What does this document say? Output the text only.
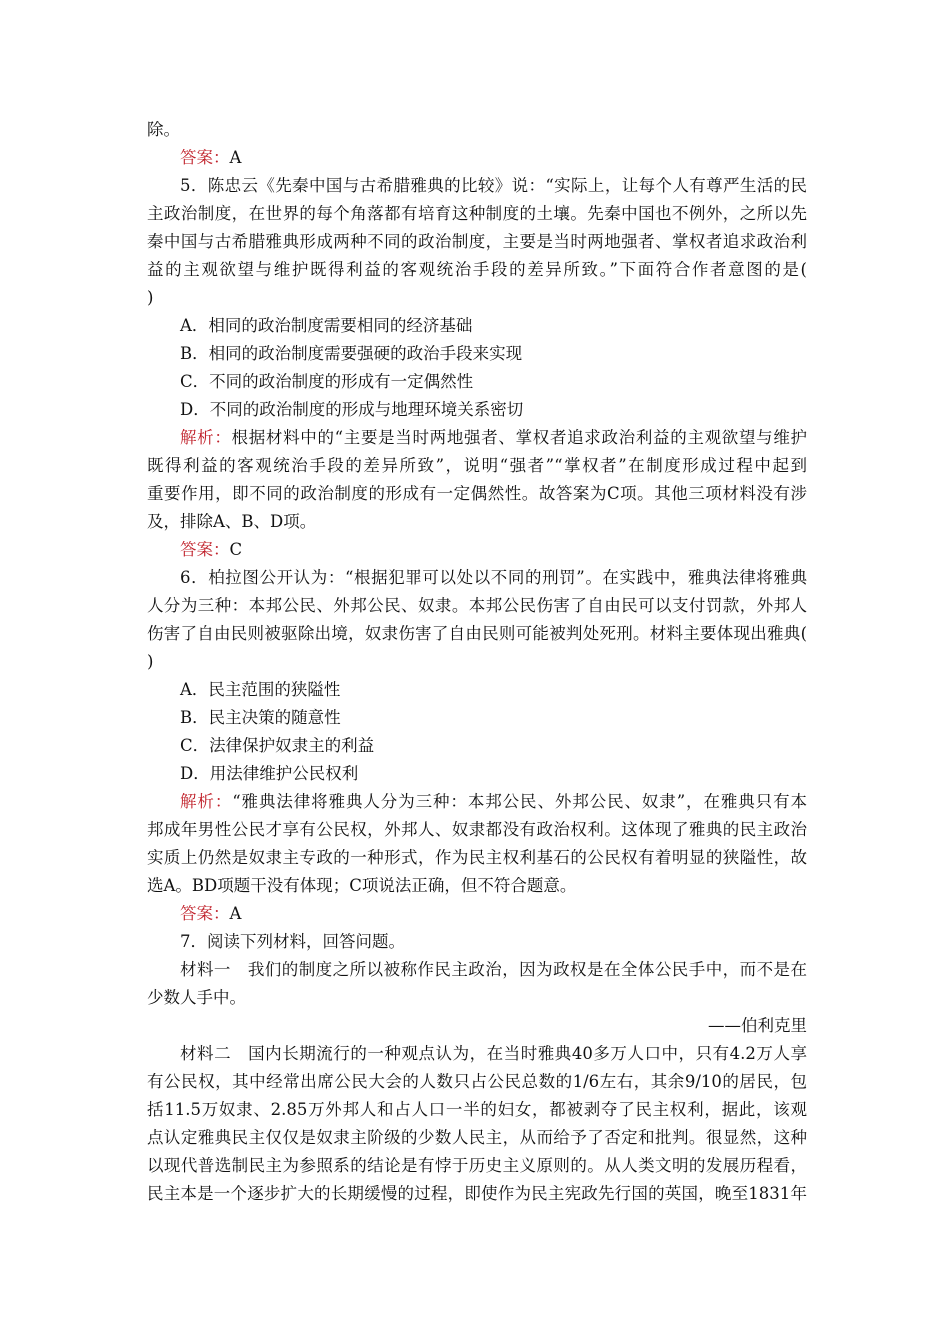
除。
答案：A
5．陈忠云《先秦中国与古希腊雅典的比较》说：“实际上，让每个人有尊严生活的民
主政治制度，在世界的每个角落都有培育这种制度的土壤。先秦中国也不例外，之所以先
秦中国与古希腊雅典形成两种不同的政治制度，主要是当时两地强者、掌权者追求政治利
益的主观欲望与维护既得利益的客观统治手段的差异所致。”下面符合作者意图的是(
)
A．相同的政治制度需要相同的经济基础
B．相同的政治制度需要强硬的政治手段来实现
C．不同的政治制度的形成有一定偶然性
D．不同的政治制度的形成与地理环境关系密切
解析：根据材料中的“主要是当时两地强者、掌权者追求政治利益的主观欲望与维护
既得利益的客观统治手段的差异所致”，说明“强者”“掌权者”在制度形成过程中起到
重要作用，即不同的政治制度的形成有一定偶然性。故答案为C项。其他三项材料没有涉
及，排除A、B、D项。
答案：C
6．柏拉图公开认为：“根据犯罪可以处以不同的刑罚”。在实践中，雅典法律将雅典
人分为三种：本邦公民、外邦公民、奴隶。本邦公民伤害了自由民可以支付罚款，外邦人
伤害了自由民则被驱除出境，奴隶伤害了自由民则可能被判处死刑。材料主要体现出雅典(
)
A．民主范围的狭隘性
B．民主决策的随意性
C．法律保护奴隶主的利益
D．用法律维护公民权利
解析：“雅典法律将雅典人分为三种：本邦公民、外邦公民、奴隶”，在雅典只有本
邦成年男性公民才享有公民权，外邦人、奴隶都没有政治权利。这体现了雅典的民主政治
实质上仍然是奴隶主专政的一种形式，作为民主权利基石的公民权有着明显的狭隘性，故
选A。BD项题干没有体现；C项说法正确，但不符合题意。
答案：A
7．阅读下列材料，回答问题。
材料一　我们的制度之所以被称作民主政治，因为政权是在全体公民手中，而不是在
少数人手中。
——伯利克里
材料二　国内长期流行的一种观点认为，在当时雅典40多万人口中，只有4.2万人享
有公民权，其中经常出席公民大会的人数只占公民总数的1/6左右，其余9/10的居民，包
括11.5万奴隶、2.85万外邦人和占人口一半的妇女，都被剥夺了民主权利，据此，该观
点认定雅典民主仅仅是奴隶主阶级的少数人民主，从而给予了否定和批判。很显然，这种
以现代普选制民主为参照系的结论是有悖于历史主义原则的。从人类文明的发展历程看，
民主本是一个逐步扩大的长期缓慢的过程，即使作为民主宪政先行国的英国，晚至1831年
